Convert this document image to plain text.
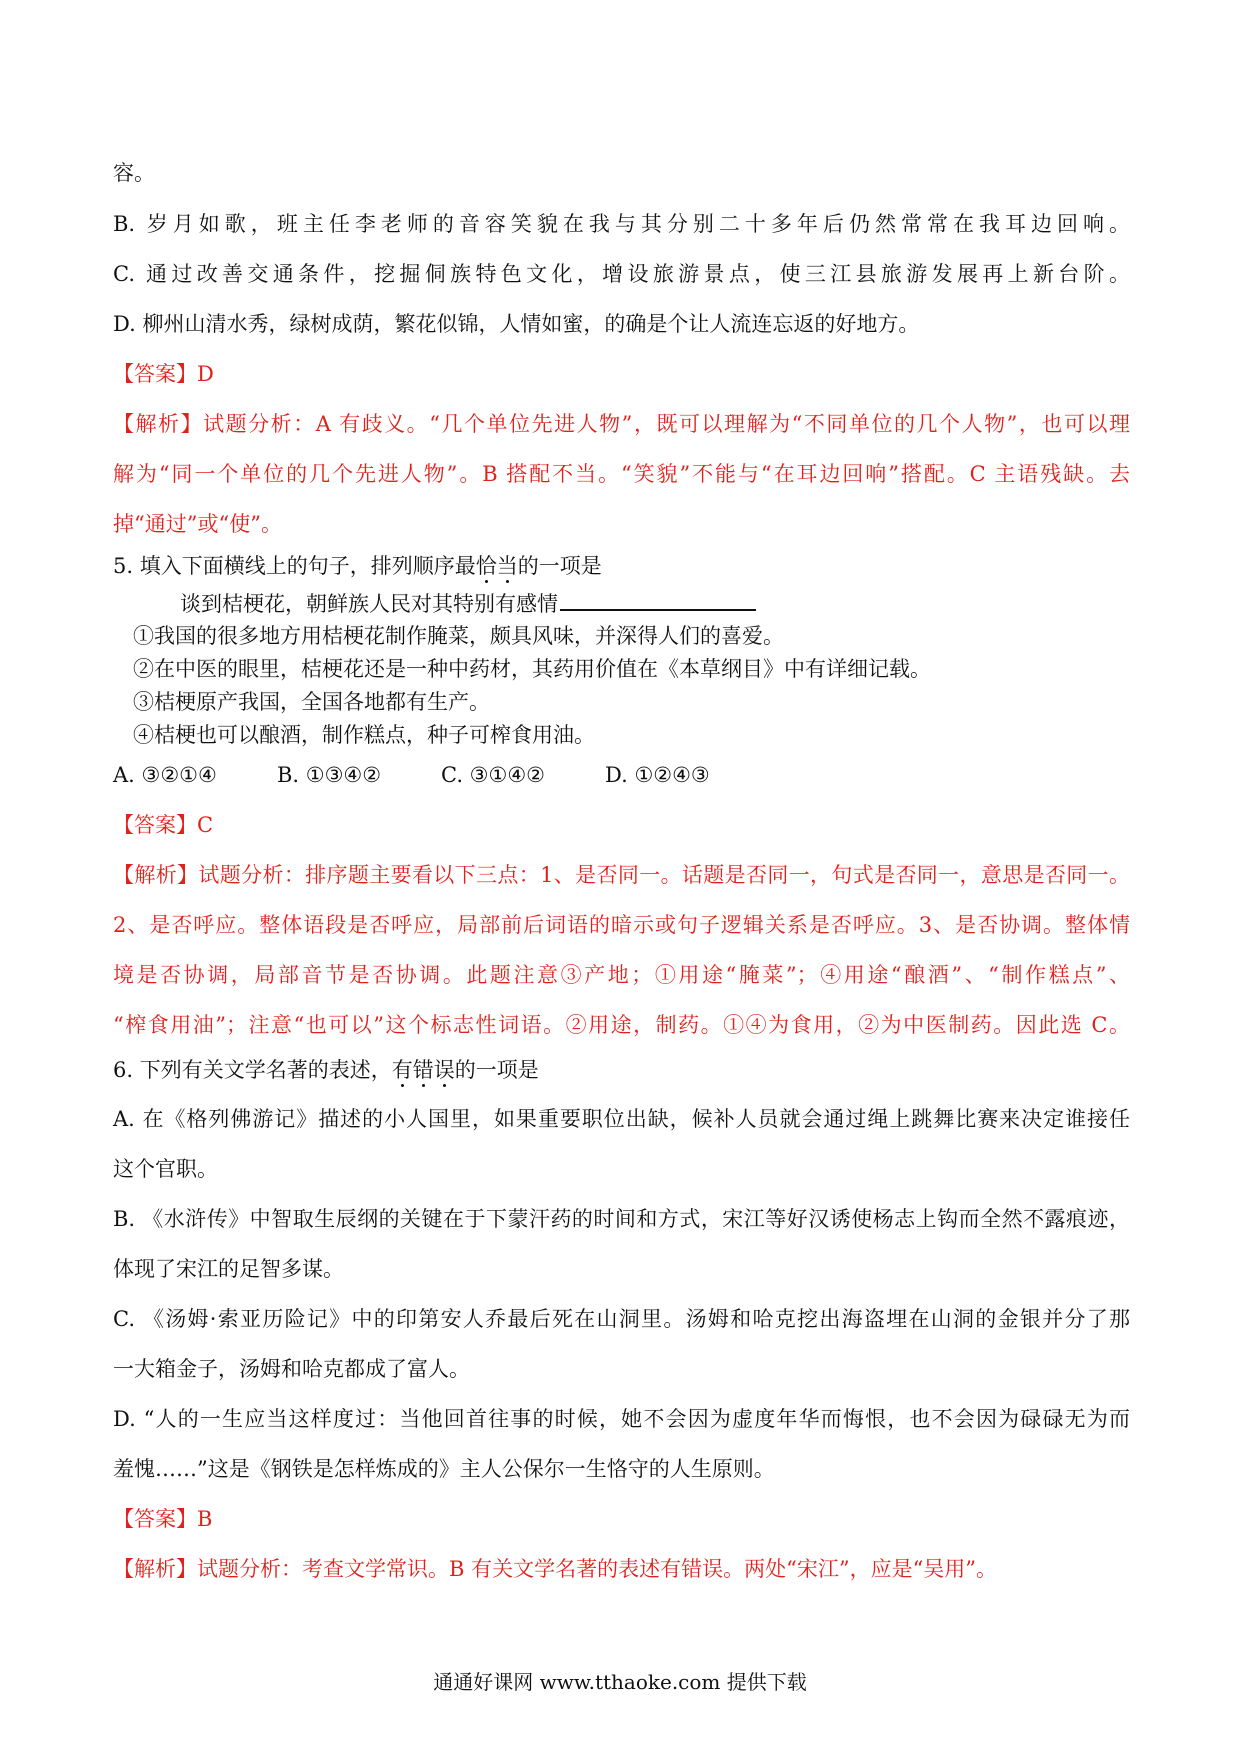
容。
B. 岁月如歌，班主任李老师的音容笑貌在我与其分别二十多年后仍然常常在我耳边回响。
C. 通过改善交通条件，挖掘侗族特色文化，增设旅游景点，使三江县旅游发展再上新台阶。
D. 柳州山清水秀，绿树成荫，繁花似锦，人情如蜜，的确是个让人流连忘返的好地方。
【答案】D
【解析】试题分析：A 有歧义。“几个单位先进人物”，既可以理解为“不同单位的几个人物”，也可以理
解为“同一个单位的几个先进人物”。B 搭配不当。“笑貌”不能与“在耳边回响”搭配。C 主语残缺。去
掉“通过”或“使”。
5. 填入下面横线上的句子，排列顺序最恰当的一项是
谈到桔梗花，朝鲜族人民对其特别有感情
①我国的很多地方用桔梗花制作腌菜，颇具风味，并深得人们的喜爱。
②在中医的眼里，桔梗花还是一种中药材，其药用价值在《本草纲目》中有详细记载。
③桔梗原产我国，全国各地都有生产。
④桔梗也可以酿酒，制作糕点，种子可榨食用油。
A. ③②①④	B. ①③④②	C. ③①④②	D. ①②④③
【答案】C
【解析】试题分析：排序题主要看以下三点：1、是否同一。话题是否同一，句式是否同一，意思是否同一。
2、是否呼应。整体语段是否呼应，局部前后词语的暗示或句子逻辑关系是否呼应。3、是否协调。整体情
境是否协调，局部音节是否协调。此题注意③产地；①用途“腌菜”；④用途“酿酒”、“制作糕点”、
“榨食用油”；注意“也可以”这个标志性词语。②用途，制药。①④为食用，②为中医制药。因此选 C。
6. 下列有关文学名著的表述，有错误的一项是
A. 在《格列佛游记》描述的小人国里，如果重要职位出缺，候补人员就会通过绳上跳舞比赛来决定谁接任
这个官职。
B. 《水浒传》中智取生辰纲的关键在于下蒙汗药的时间和方式，宋江等好汉诱使杨志上钩而全然不露痕迹，
体现了宋江的足智多谋。
C. 《汤姆·索亚历险记》中的印第安人乔最后死在山洞里。汤姆和哈克挖出海盗埋在山洞的金银并分了那
一大箱金子，汤姆和哈克都成了富人。
D. “人的一生应当这样度过：当他回首往事的时候，她不会因为虚度年华而悔恨，也不会因为碌碌无为而
羞愧……”这是《钢铁是怎样炼成的》主人公保尔一生恪守的人生原则。
【答案】B
【解析】试题分析：考查文学常识。B 有关文学名著的表述有错误。两处“宋江”，应是“吴用”。
通通好课网 www.tthaoke.com 提供下载
